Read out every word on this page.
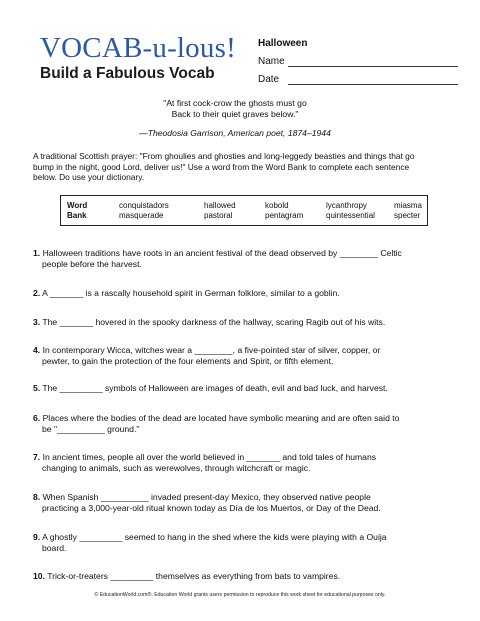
VOCAB-u-lous!
Build a Fabulous Vocab
Halloween
Name
Date
"At first cock-crow the ghosts must go
Back to their quiet graves below."
—Theodosia Garrison, American poet, 1874–1944
A traditional Scottish prayer: "From ghoulies and ghosties and long-leggedy beasties and things that go
bump in the night, good Lord, deliver us!" Use a word from the Word Bank to complete each sentence
below. Do use your dictionary.
Word
Bank
conquistadors
masquerade
hallowed
pastoral
kobold
pentagram
lycanthropy
quintessential
miasma
specter
1. Halloween traditions have roots in an ancient festival of the dead observed by ________ Celtic
people before the harvest.
2. A _______ is a rascally household spirit in German folklore, similar to a goblin.
3. The _______ hovered in the spooky darkness of the hallway, scaring Ragib out of his wits.
4. In contemporary Wicca, witches wear a ________, a five-pointed star of silver, copper, or
pewter, to gain the protection of the four elements and Spirit, or fifth element.
5. The _________ symbols of Halloween are images of death, evil and bad luck, and harvest.
6. Places where the bodies of the dead are located have symbolic meaning and are often said to
be "__________ ground."
7. In ancient times, people all over the world believed in _______ and told tales of humans
changing to animals, such as werewolves, through witchcraft or magic.
8. When Spanish __________ invaded present-day Mexico, they observed native people
practicing a 3,000-year-old ritual known today as Día de los Muertos, or Day of the Dead.
9. A ghostly _________ seemed to hang in the shed where the kids were playing with a Ouija
board.
10. Trick-or-treaters _________ themselves as everything from bats to vampires.
© EducationWorld.com®. Education World grants users permission to reproduce this work sheet for educational purposes only.
